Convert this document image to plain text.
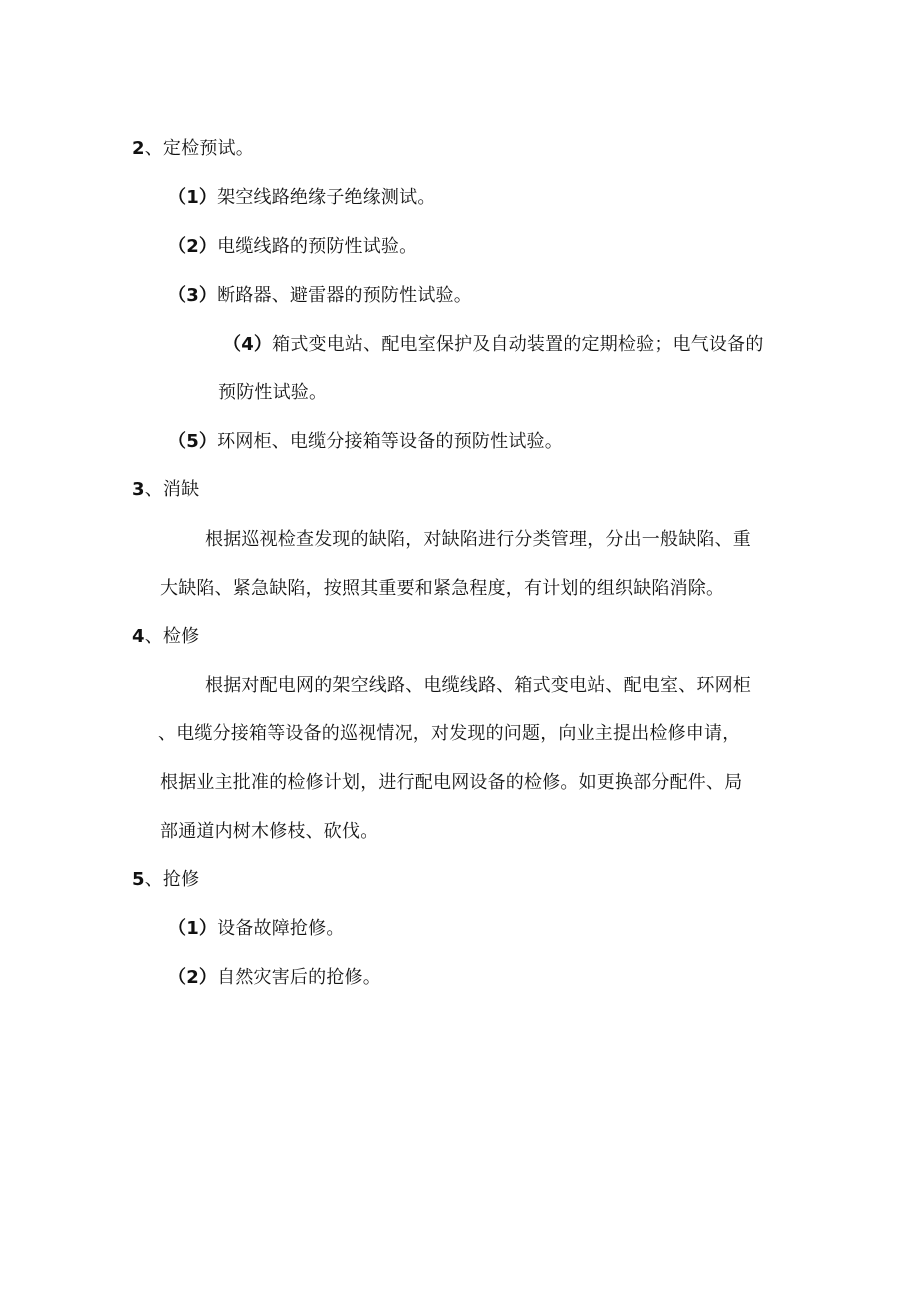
2、定检预试。
（1）架空线路绝缘子绝缘测试。
（2）电缆线路的预防性试验。
（3）断路器、避雷器的预防性试验。
（4）箱式变电站、配电室保护及自动装置的定期检验；电气设备的
预防性试验。
（5）环网柜、电缆分接箱等设备的预防性试验。
3、消缺
根据巡视检查发现的缺陷，对缺陷进行分类管理，分出一般缺陷、重
大缺陷、紧急缺陷，按照其重要和紧急程度，有计划的组织缺陷消除。
4、检修
根据对配电网的架空线路、电缆线路、箱式变电站、配电室、环网柜
、电缆分接箱等设备的巡视情况，对发现的问题，向业主提出检修申请，
根据业主批准的检修计划，进行配电网设备的检修。如更换部分配件、局
部通道内树木修枝、砍伐。
5、抢修
（1）设备故障抢修。
（2）自然灾害后的抢修。
